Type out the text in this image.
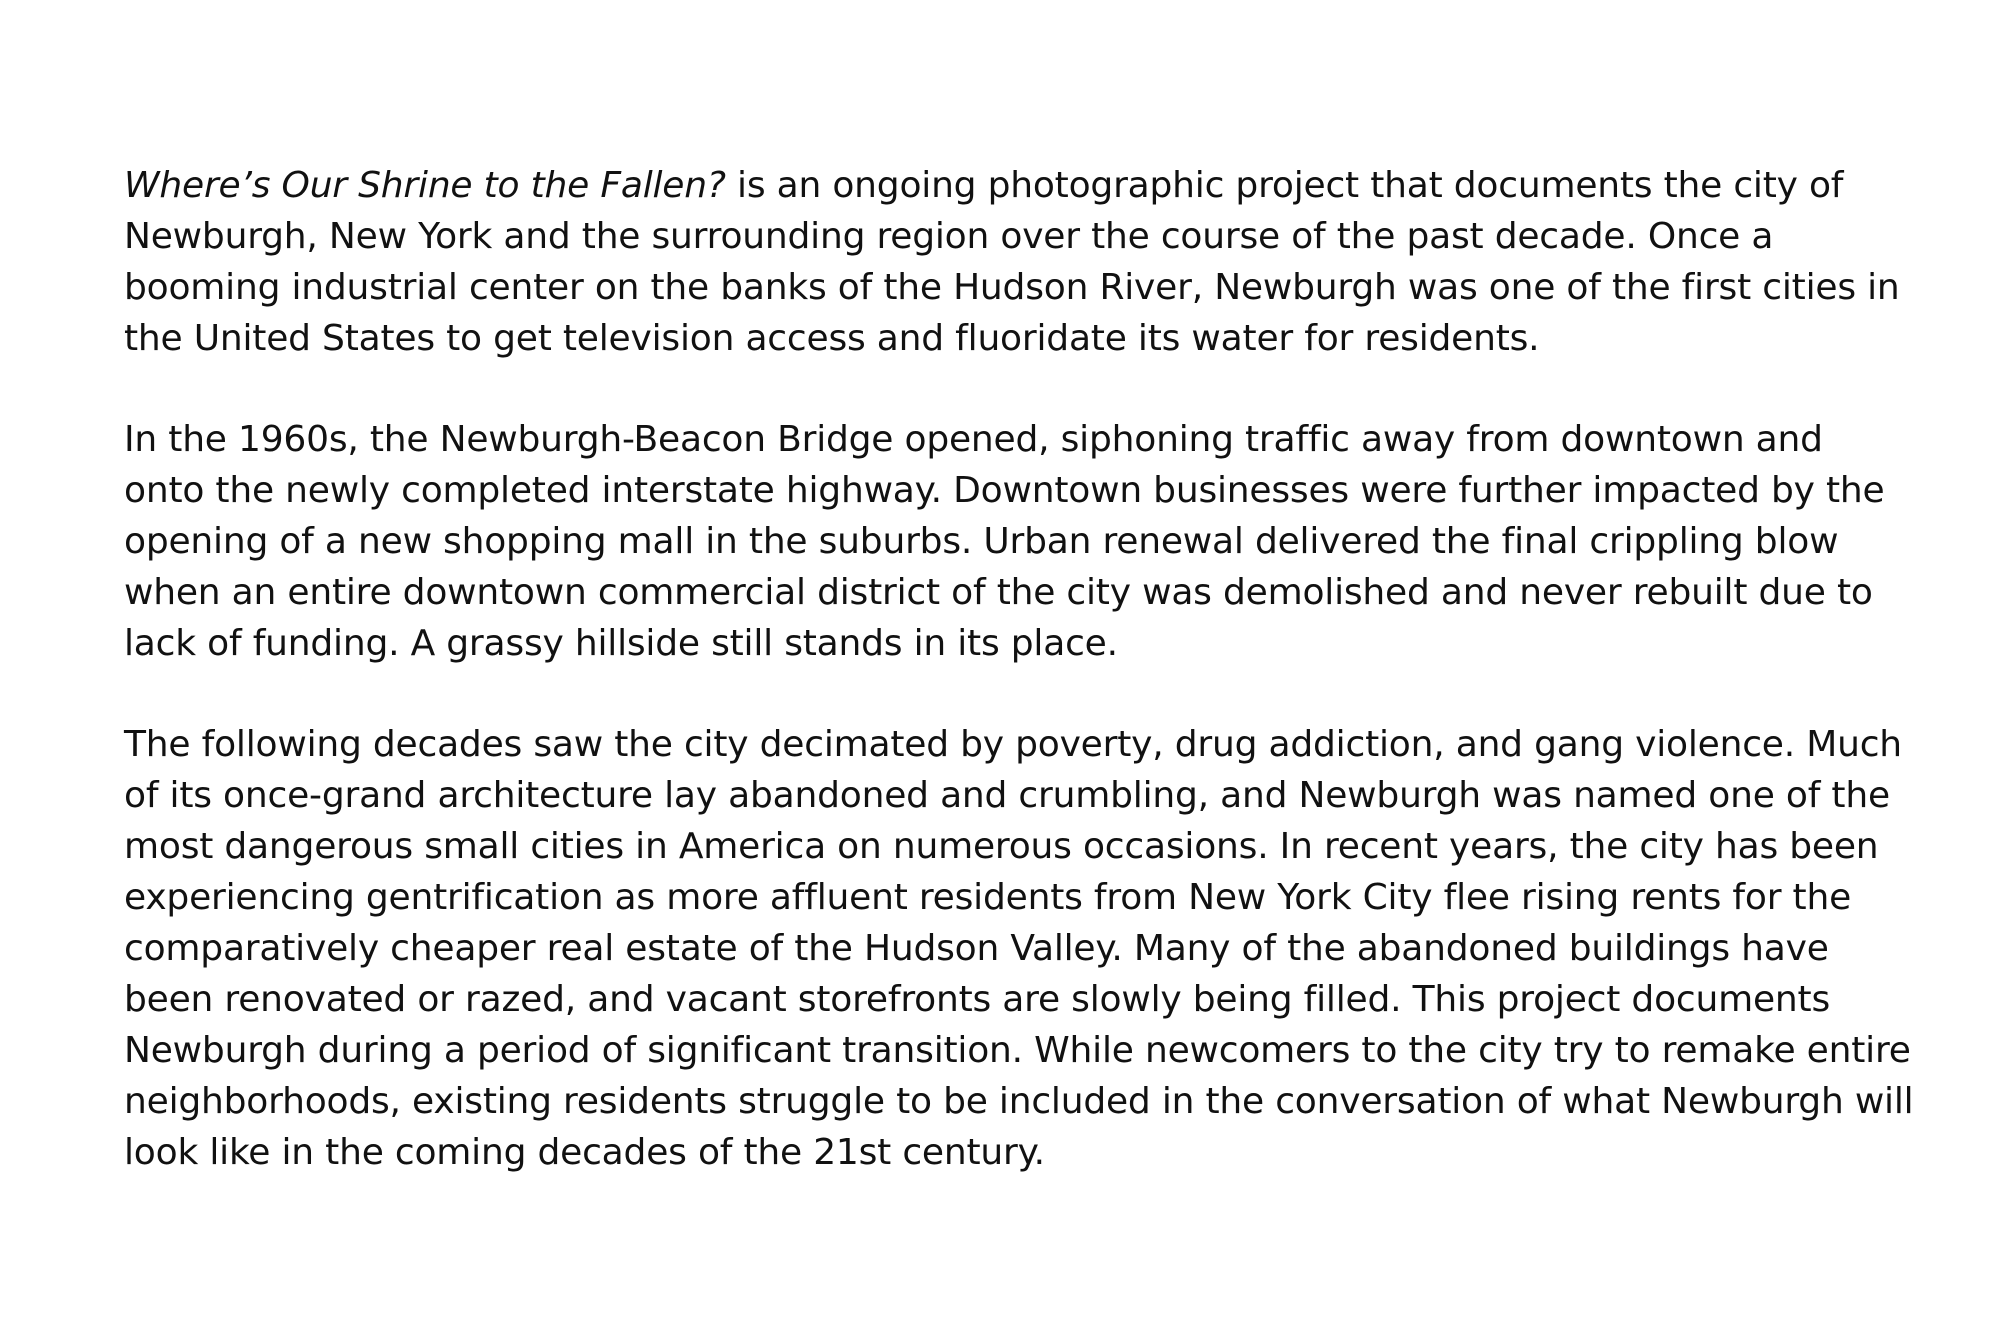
Where’s Our Shrine to the Fallen? is an ongoing photographic project that documents the city of Newburgh, New York and the surrounding region over the course of the past decade. Once a booming industrial center on the banks of the Hudson River, Newburgh was one of the first cities in the United States to get television access and fluoridate its water for residents.

In the 1960s, the Newburgh-Beacon Bridge opened, siphoning traffic away from downtown and onto the newly completed interstate highway. Downtown businesses were further impacted by the opening of a new shopping mall in the suburbs. Urban renewal delivered the final crippling blow when an entire downtown commercial district of the city was demolished and never rebuilt due to lack of funding. A grassy hillside still stands in its place.

The following decades saw the city decimated by poverty, drug addiction, and gang violence. Much of its once-grand architecture lay abandoned and crumbling, and Newburgh was named one of the most dangerous small cities in America on numerous occasions. In recent years, the city has been experiencing gentrification as more affluent residents from New York City flee rising rents for the comparatively cheaper real estate of the Hudson Valley. Many of the abandoned buildings have been renovated or razed, and vacant storefronts are slowly being filled. This project documents Newburgh during a period of significant transition. While newcomers to the city try to remake entire neighborhoods, existing residents struggle to be included in the conversation of what Newburgh will look like in the coming decades of the 21st century.
